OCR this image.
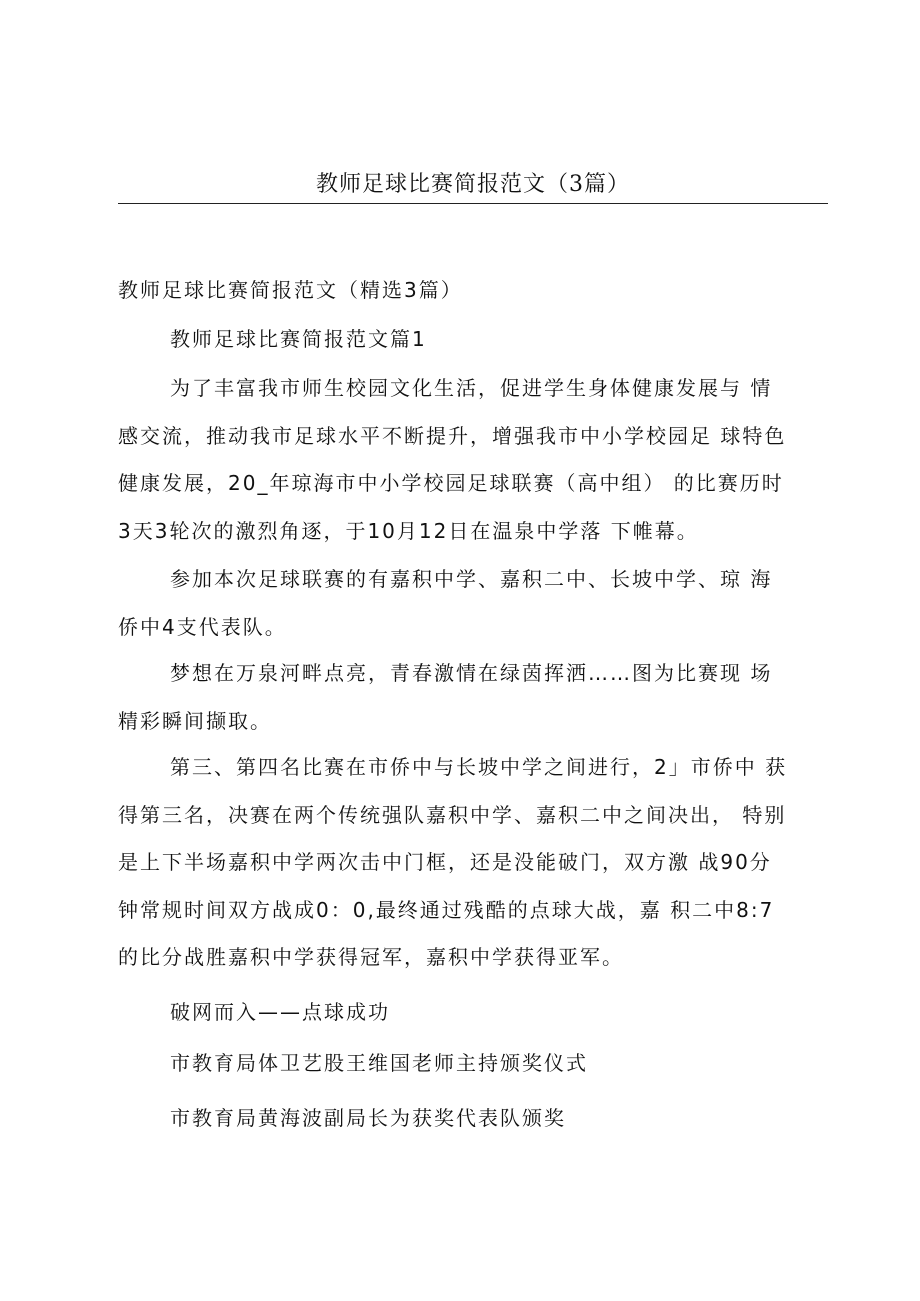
教师足球比赛简报范文（3篇）
教师足球比赛简报范文（精选3篇）
教师足球比赛简报范文篇1
为了丰富我市师生校园文化生活，促进学生身体健康发展与 情
感交流，推动我市足球水平不断提升，增强我市中小学校园足 球特色
健康发展，20_年琼海市中小学校园足球联赛（高中组） 的比赛历时
3天3轮次的激烈角逐，于10月12日在温泉中学落 下帷幕。
参加本次足球联赛的有嘉积中学、嘉积二中、长坡中学、琼 海
侨中4支代表队。
梦想在万泉河畔点亮，青春激情在绿茵挥洒……图为比赛现 场
精彩瞬间撷取。
第三、第四名比赛在市侨中与长坡中学之间进行，2」市侨中 获
得第三名，决赛在两个传统强队嘉积中学、嘉积二中之间决出， 特别
是上下半场嘉积中学两次击中门框，还是没能破门，双方激 战90分
钟常规时间双方战成0：0,最终通过残酷的点球大战，嘉 积二中8:7
的比分战胜嘉积中学获得冠军，嘉积中学获得亚军。
破网而入——点球成功
市教育局体卫艺股王维国老师主持颁奖仪式
市教育局黄海波副局长为获奖代表队颁奖
